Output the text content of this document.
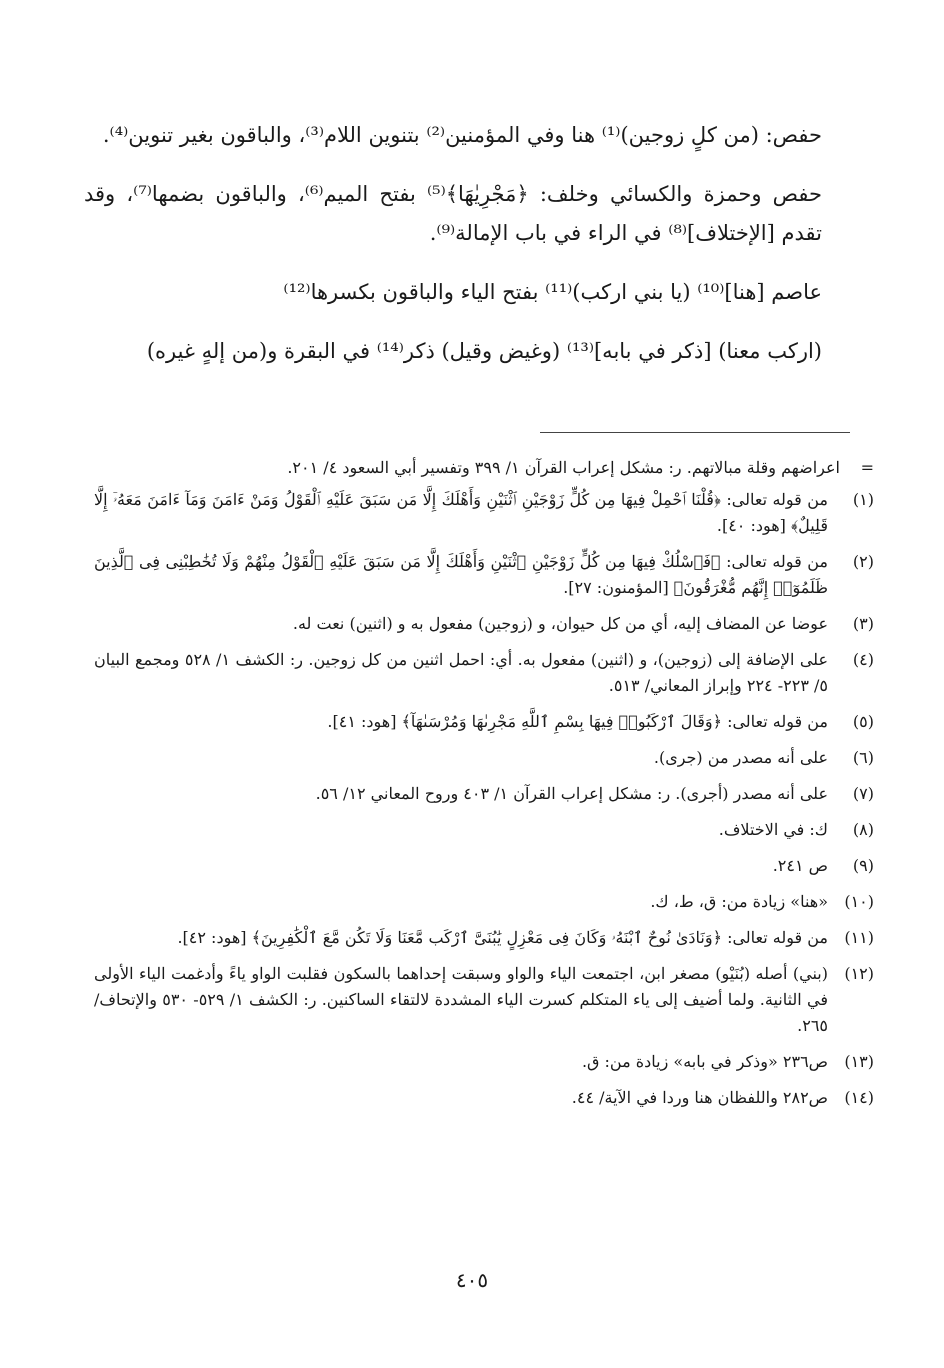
حفص: (من كلٍ زوجين)⁽¹⁾ هنا وفي المؤمنين⁽²⁾ بتنوين اللام⁽³⁾، والباقون بغير تنوين⁽⁴⁾.

حفص وحمزة والكسائي وخلف: ﴿مَجْرِيٰهَا﴾⁽⁵⁾ بفتح الميم⁽⁶⁾، والباقون بضمها⁽⁷⁾، وقد تقدم [الإختلاف]⁽⁸⁾ في الراء في باب الإمالة⁽⁹⁾.

عاصم [هنا]⁽¹⁰⁾ (يا بني اركب)⁽¹¹⁾ بفتح الياء والباقون بكسرها⁽¹²⁾

(اركب معنا) [ذكر في بابه]⁽¹³⁾ (وغيض وقيل) ذكر⁽¹⁴⁾ في البقرة و(من إلهٍ غيره)

=اعراضهم وقلة مبالاتهم. ر: مشكل إعراب القرآن ١/ ٣٩٩ وتفسير أبي السعود ٤/ ٢٠١.

(١)
من قوله تعالى: ﴿قُلْنَا ٱحْمِلْ فِيهَا مِن كُلٍّ زَوْجَيْنِ ٱثْنَيْنِ وَأَهْلَكَ إِلَّا مَن سَبَقَ عَلَيْهِ ٱلْقَوْلُ وَمَنْ ءَامَنَ وَمَآ ءَامَنَ مَعَهُۥٓ إِلَّا قَلِيلٌ﴾ [هود: ٤٠].
(٢)
من قوله تعالى: ﴿فَٱسْلُكْ فِيهَا مِن كُلٍّ زَوْجَيْنِ ٱثْنَيْنِ وَأَهْلَكَ إِلَّا مَن سَبَقَ عَلَيْهِ ٱلْقَوْلُ مِنْهُمْ وَلَا تُخَٰطِبْنِى فِى ٱلَّذِينَ ظَلَمُوٓا۟ إِنَّهُم مُّغْرَقُونَ﴾ [المؤمنون: ٢٧].
(٣)
عوضا عن المضاف إليه، أي من كل حيوان، و (زوجين) مفعول به و (اثنين) نعت له.
(٤)
على الإضافة إلى (زوجين)، و (اثنين) مفعول به. أي: احمل اثنين من كل زوجين. ر: الكشف ١/ ٥٢٨ ومجمع البيان ٥/ ٢٢٣- ٢٢٤ وإبراز المعاني/ ٥١٣.
(٥)
من قوله تعالى: ﴿وَقَالَ ٱرْكَبُوا۟ فِيهَا بِسْمِ ٱللَّهِ مَجْرِىٰهَا وَمُرْسَىٰهَآ﴾ [هود: ٤١].
(٦)
على أنه مصدر من (جرى).
(٧)
على أنه مصدر (أجرى). ر: مشكل إعراب القرآن ١/ ٤٠٣ وروح المعاني ١٢/ ٥٦.
(٨)
ك: في الاختلاف.
(٩)
ص ٢٤١.
(١٠)
«هنا» زيادة من: ق، ط، ك.
(١١)
من قوله تعالى: ﴿وَنَادَىٰ نُوحٌ ٱبْنَهُۥ وَكَانَ فِى مَعْزِلٍ يَٰبُنَىَّ ٱرْكَب مَّعَنَا وَلَا تَكُن مَّعَ ٱلْكَٰفِرِينَ﴾ [هود: ٤٢].
(١٢)
(بني) أصله (بُنَيْو) مصغر ابن، اجتمعت الياء والواو وسبقت إحداهما بالسكون فقلبت الواو ياءً وأدغمت الياء الأولى في الثانية. ولما أضيف إلى ياء المتكلم كسرت الياء المشددة لالتقاء الساكنين. ر: الكشف ١/ ٥٢٩- ٥٣٠ والإتحاف/ ٢٦٥.
(١٣)
ص٢٣٦ «وذكر في بابه» زيادة من: ق.
(١٤)
ص٢٨٢ واللفظان هنا وردا في الآية/ ٤٤.
٤٠٥
